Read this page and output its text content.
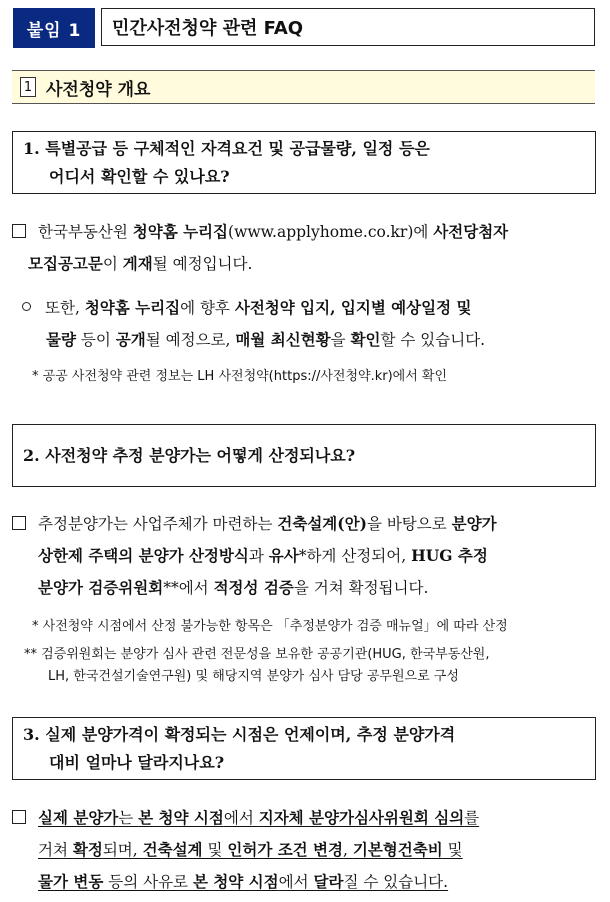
붙임 1	민간사전청약 관련 FAQ
1 사전청약 개요
1. 특별공급 등 구체적인 자격요건 및 공급물량, 일정 등은
어디서 확인할 수 있나요?
한국부동산원 청약홈 누리집(www.applyhome.co.kr)에 사전당첨자
모집공고문이 게재될 예정입니다.
또한, 청약홈 누리집에 향후 사전청약 입지, 입지별 예상일정 및
물량 등이 공개될 예정으로, 매월 최신현황을 확인할 수 있습니다.
* 공공 사전청약 관련 정보는 LH 사전청약(https://사전청약.kr)에서 확인
2. 사전청약 추정 분양가는 어떻게 산정되나요?
추정분양가는 사업주체가 마련하는 건축설계(안)을 바탕으로 분양가
상한제 주택의 분양가 산정방식과 유사*하게 산정되어, HUG 추정
분양가 검증위원회**에서 적정성 검증을 거쳐 확정됩니다.
* 사전청약 시점에서 산정 불가능한 항목은 「추정분양가 검증 매뉴얼」에 따라 산정
** 검증위원회는 분양가 심사 관련 전문성을 보유한 공공기관(HUG, 한국부동산원,
LH, 한국건설기술연구원) 및 해당지역 분양가 심사 담당 공무원으로 구성
3. 실제 분양가격이 확정되는 시점은 언제이며, 추정 분양가격
대비 얼마나 달라지나요?
실제 분양가는 본 청약 시점에서 지자체 분양가심사위원회 심의를
거쳐 확정되며, 건축설계 및 인허가 조건 변경, 기본형건축비 및
물가 변동 등의 사유로 본 청약 시점에서 달라질 수 있습니다.
